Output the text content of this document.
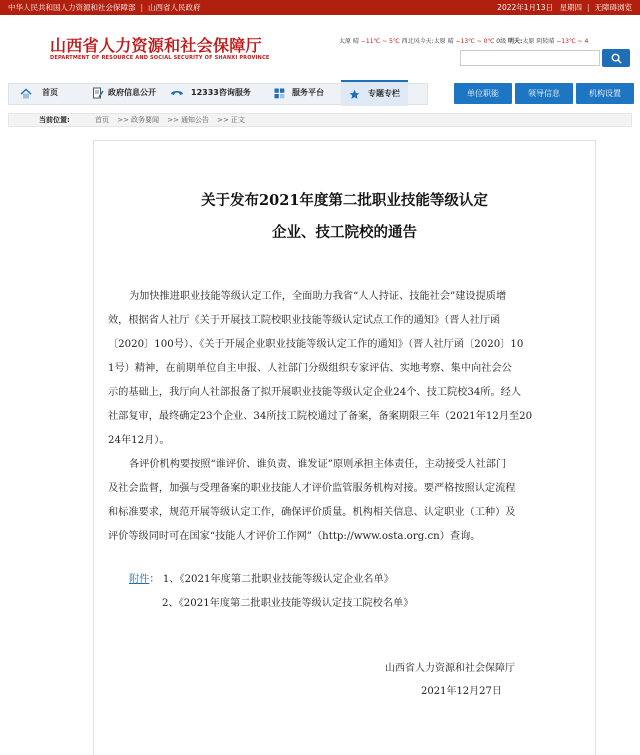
中华人民共和国人力资源和社会保障部 | 山西省人民政府	2022年1月13日 星期四 | 无障碍浏览
山西省人力资源和社会保障厅
DEPARTMENT OF RESOURCE AND SOCIAL SECURITY OF SHANXI PROVINCE
太原 晴 −11℃ ~ 5℃ 西北风今天:太原 晴 −13℃ ~ 0℃ 0级 明天:太原 阴转晴 −13℃ ~ 4
首页	政府信息公开	12333咨询服务	服务平台	专题专栏	单位职能	领导信息	机构设置
当前位置:	首页 >> 政务要闻 >> 通知公告 >> 正文
关于发布2021年度第二批职业技能等级认定
企业、技工院校的通告

为加快推进职业技能等级认定工作，全面助力我省“人人持证、技能社会”建设提质增

效，根据省人社厅《关于开展技工院校职业技能等级认定试点工作的通知》（晋人社厅函

〔2020〕100号）、《关于开展企业职业技能等级认定工作的通知》（晋人社厅函〔2020〕10

1号）精神，在前期单位自主申报、人社部门分级组织专家评估、实地考察、集中向社会公

示的基础上，我厅向人社部报备了拟开展职业技能等级认定企业24个、技工院校34所。经人

社部复审，最终确定23个企业、34所技工院校通过了备案，备案期限三年（2021年12月至20

24年12月）。

各评价机构要按照“谁评价、谁负责、谁发证”原则承担主体责任，主动接受人社部门

及社会监督，加强与受理备案的职业技能人才评价监管服务机构对接。要严格按照认定流程

和标准要求，规范开展等级认定工作，确保评价质量。机构相关信息、认定职业（工种）及

评价等级同时可在国家“技能人才评价工作网”（http://www.osta.org.cn）查询。

附件： 1、《2021年度第二批职业技能等级认定企业名单》
2、《2021年度第二批职业技能等级认定技工院校名单》
山西省人力资源和社会保障厅
2021年12月27日
